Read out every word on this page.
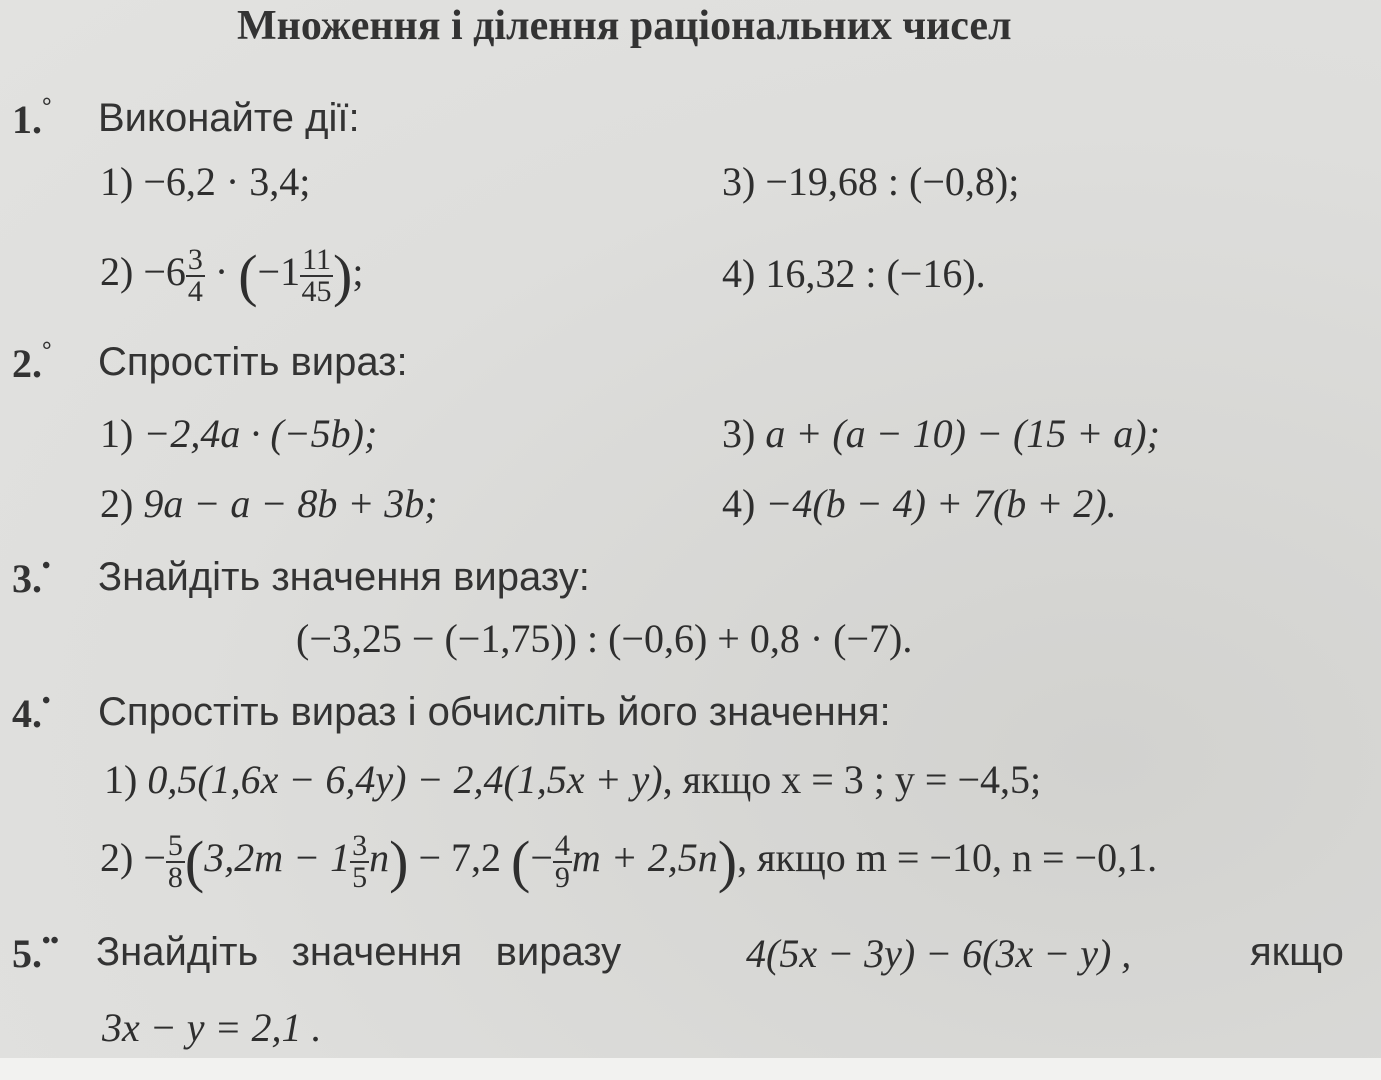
Множення і ділення раціональних чисел
1.° Виконайте дії:
1) −6,2 · 3,4;	3) −19,68 : (−0,8);
$2) -6 \frac{3}{4} \cdot (-1 \frac{11}{45}$ );	4) 16,32 : (−16).
2.° Спростіть вираз:
1) −2,4a · (−5b);	3) a + (a − 10) − (15 + a);
2) 9a − a − 8b + 3b;	4) −4(b − 4) + 7(b + 2).
3.• Знайдіть значення виразу:
(−3,25 − (−1,75)) : (−0,6) + 0,8 · (−7).
4.• Спростіть вираз і обчисліть його значення:
1) 0,5(1,6x − 6,4y) − 2,4(1,5x + y), якщо x = 3 ; y = −4,5;
$2) - \frac{5}{8} (3,2m - 1 \frac{3}{5} n) - 7,2$ (− $\frac{4}{9}$ m + 2,5n), якщо m = −10, n = −0,1.
5.•• Знайдіть   значення   виразу	4(5x − 3y) − 6(3x − y) ,	якщо
3x − y = 2,1 .
